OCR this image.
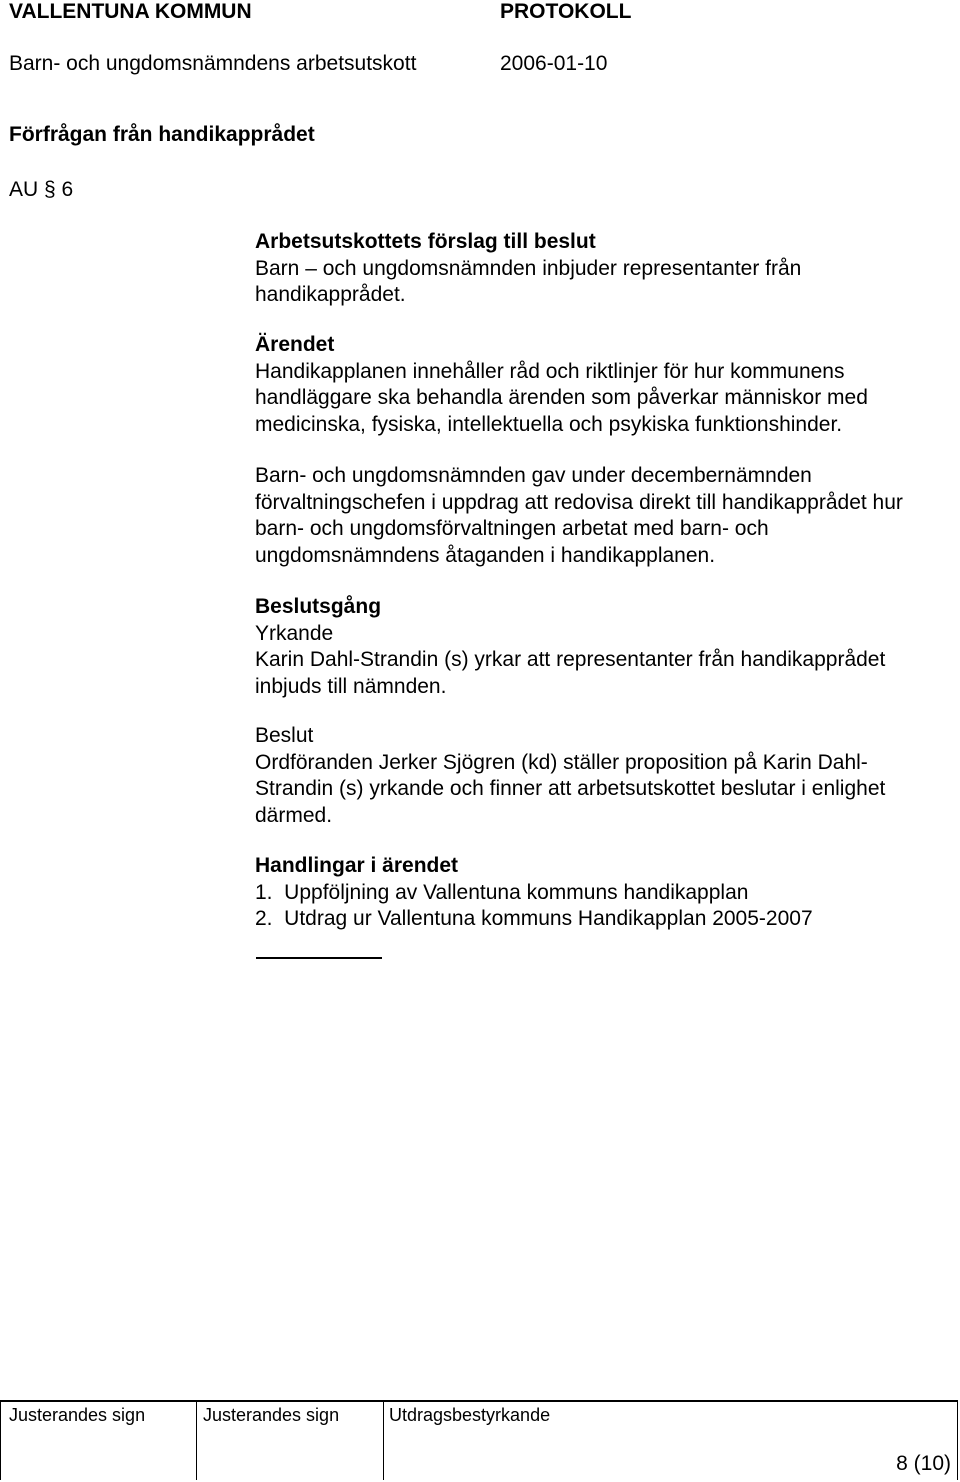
VALLENTUNA KOMMUN	PROTOKOLL
Barn- och ungdomsnämndens arbetsutskott	2006-01-10
Förfrågan från handikapprådet
AU § 6
Arbetsutskottets förslag till beslut
Barn – och ungdomsnämnden inbjuder representanter från
handikapprådet.
Ärendet
Handikapplanen innehåller råd och riktlinjer för hur kommunens
handläggare ska behandla ärenden som påverkar människor med
medicinska, fysiska, intellektuella och psykiska funktionshinder.
Barn- och ungdomsnämnden gav under decembernämnden
förvaltningschefen i uppdrag att redovisa direkt till handikapprådet hur
barn- och ungdomsförvaltningen arbetat med barn- och
ungdomsnämndens åtaganden i handikapplanen.
Beslutsgång
Yrkande
Karin Dahl-Strandin (s) yrkar att representanter från handikapprådet
inbjuds till nämnden.
Beslut
Ordföranden Jerker Sjögren (kd) ställer proposition på Karin Dahl-
Strandin (s) yrkande och finner att arbetsutskottet beslutar i enlighet
därmed.
Handlingar i ärendet
1.  Uppföljning av Vallentuna kommuns handikapplan
2.  Utdrag ur Vallentuna kommuns Handikapplan 2005-2007
Justerandes sign	Justerandes sign	Utdragsbestyrkande
8 (10)
